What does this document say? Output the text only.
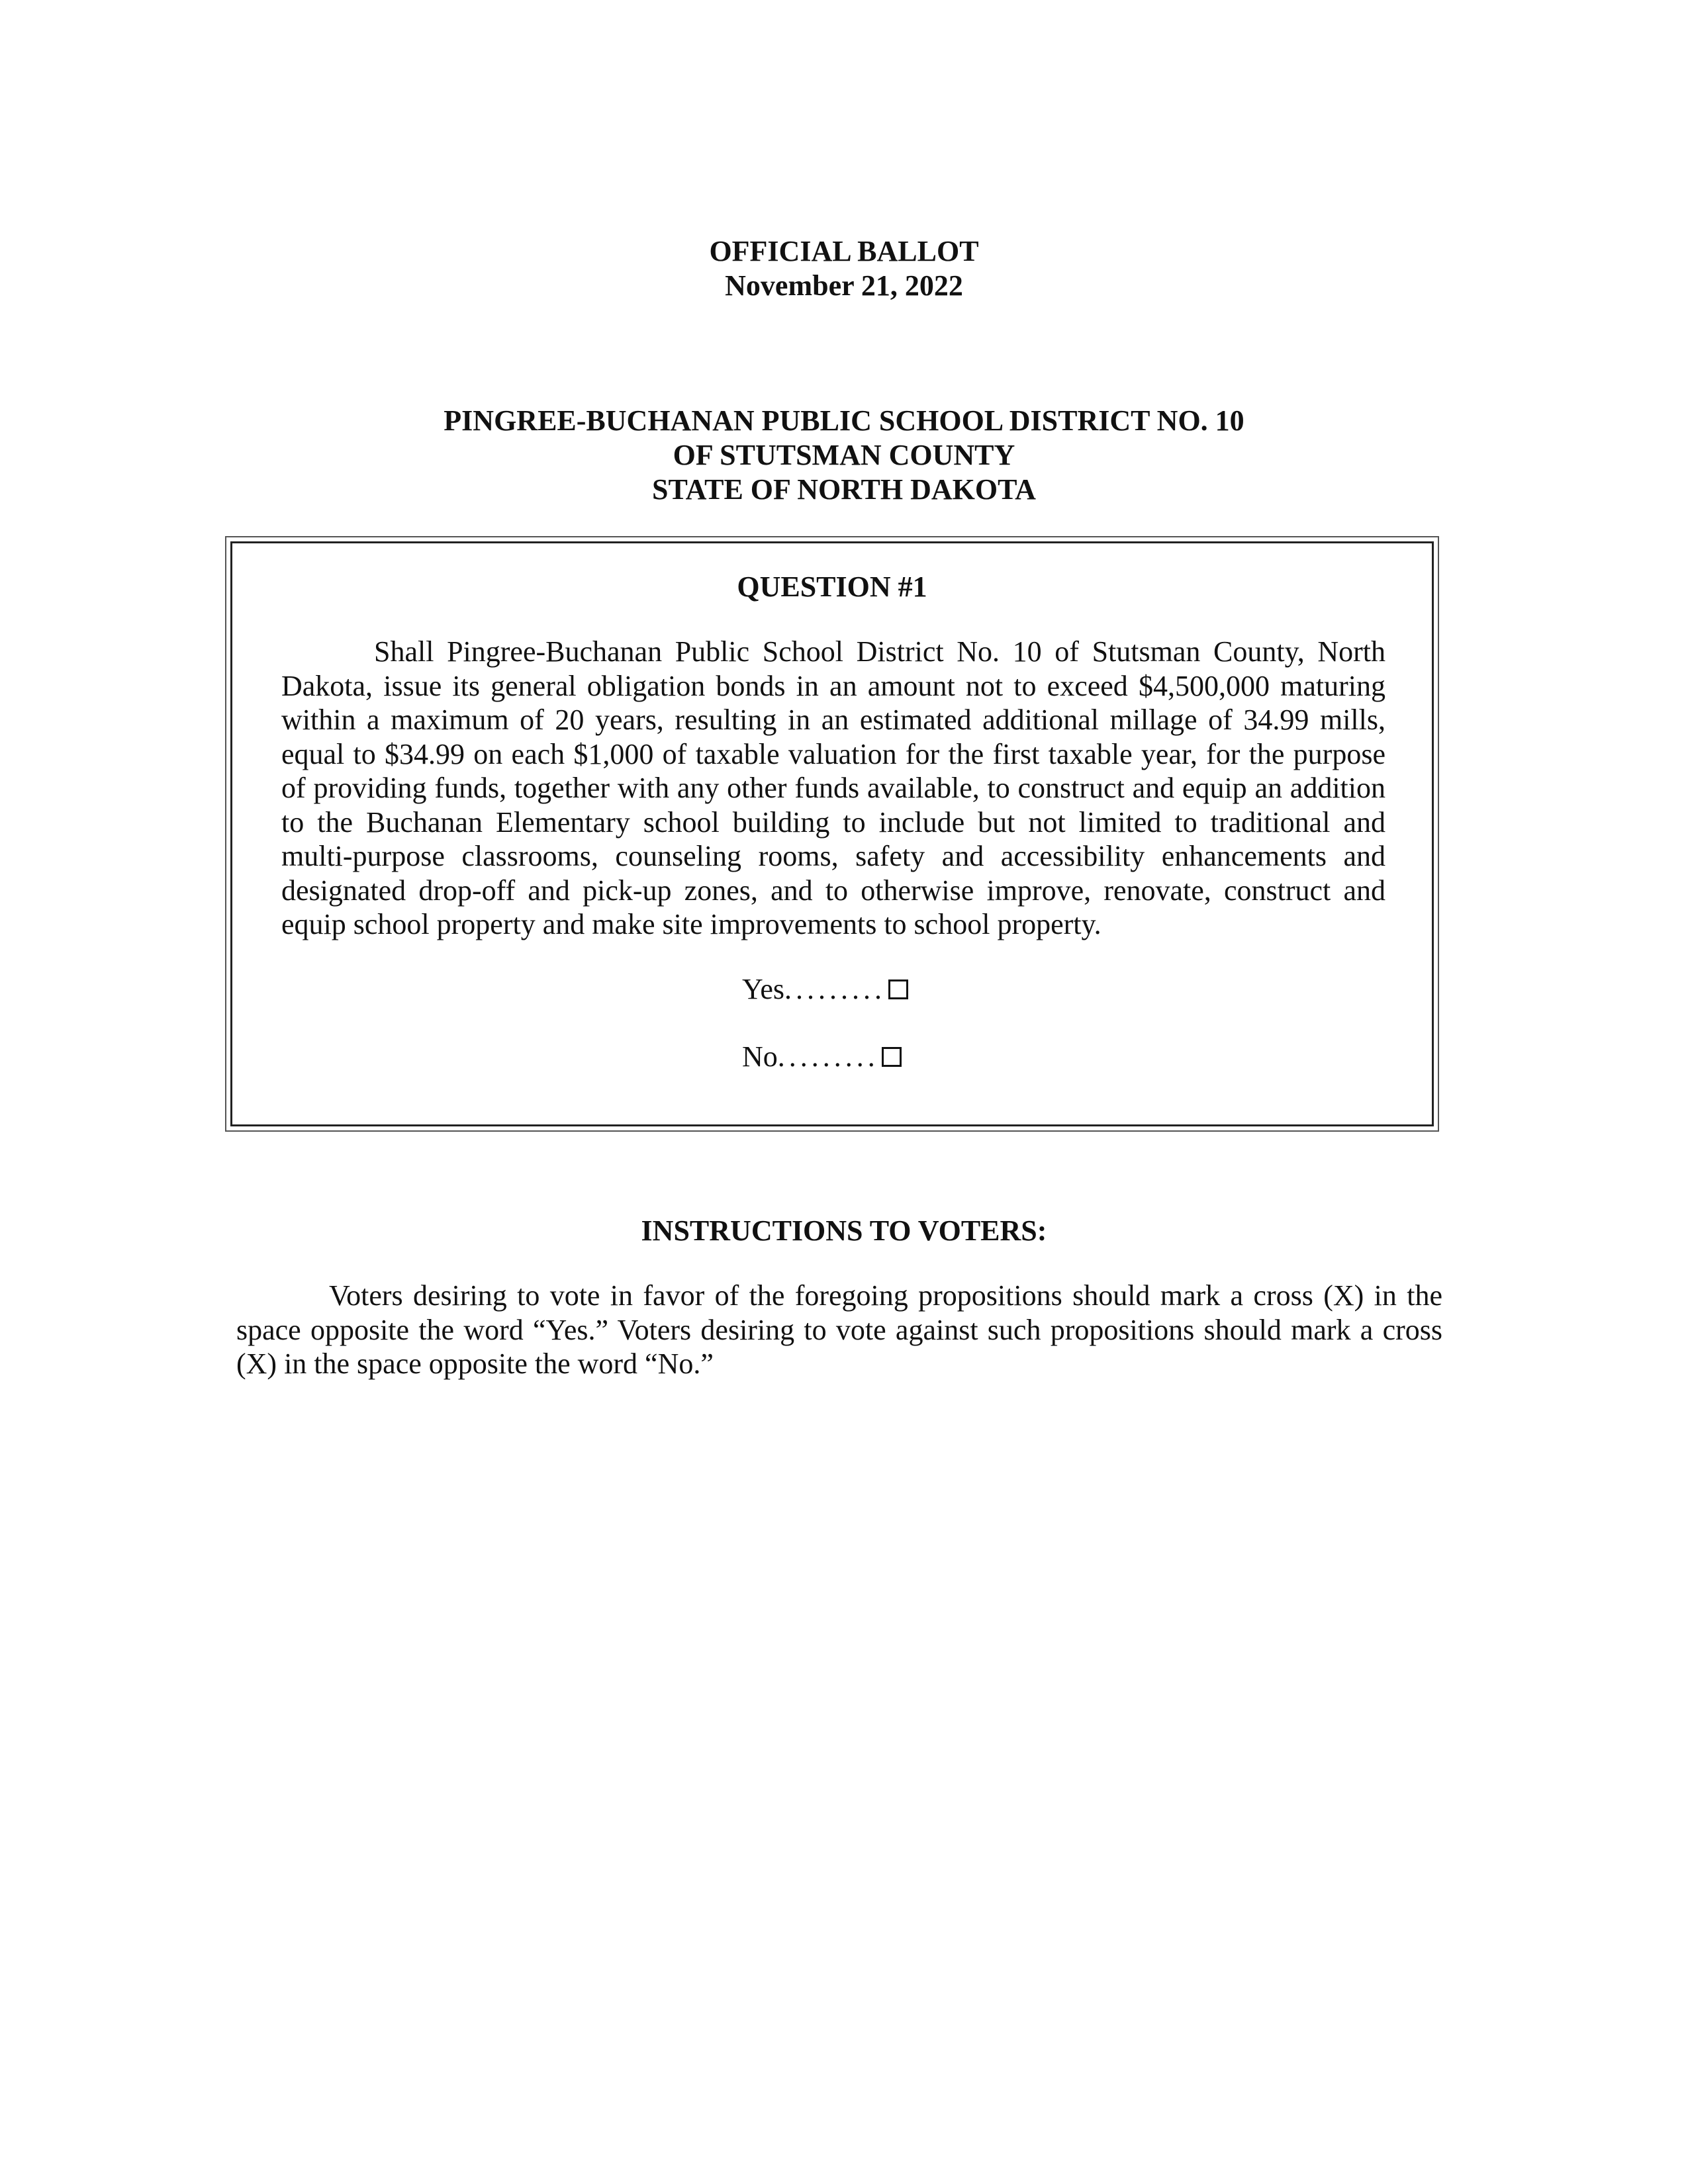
OFFICIAL BALLOT
November 21, 2022
PINGREE-BUCHANAN PUBLIC SCHOOL DISTRICT NO. 10
OF STUTSMAN COUNTY
STATE OF NORTH DAKOTA
QUESTION #1

Shall Pingree-Buchanan Public School District No. 10 of Stutsman County, North Dakota, issue its general obligation bonds in an amount not to exceed $4,500,000 maturing within a maximum of 20 years, resulting in an estimated additional millage of 34.99 mills, equal to $34.99 on each $1,000 of taxable valuation for the first taxable year, for the purpose of providing funds, together with any other funds available, to construct and equip an addition to the Buchanan Elementary school building to include but not limited to traditional and multi-purpose classrooms, counseling rooms, safety and accessibility enhancements and designated drop-off and pick-up zones, and to otherwise improve, renovate, construct and equip school property and make site improvements to school property.

Yes .........
No .........
INSTRUCTIONS TO VOTERS:

Voters desiring to vote in favor of the foregoing propositions should mark a cross (X) in the space opposite the word “Yes.” Voters desiring to vote against such propositions should mark a cross (X) in the space opposite the word “No.”
